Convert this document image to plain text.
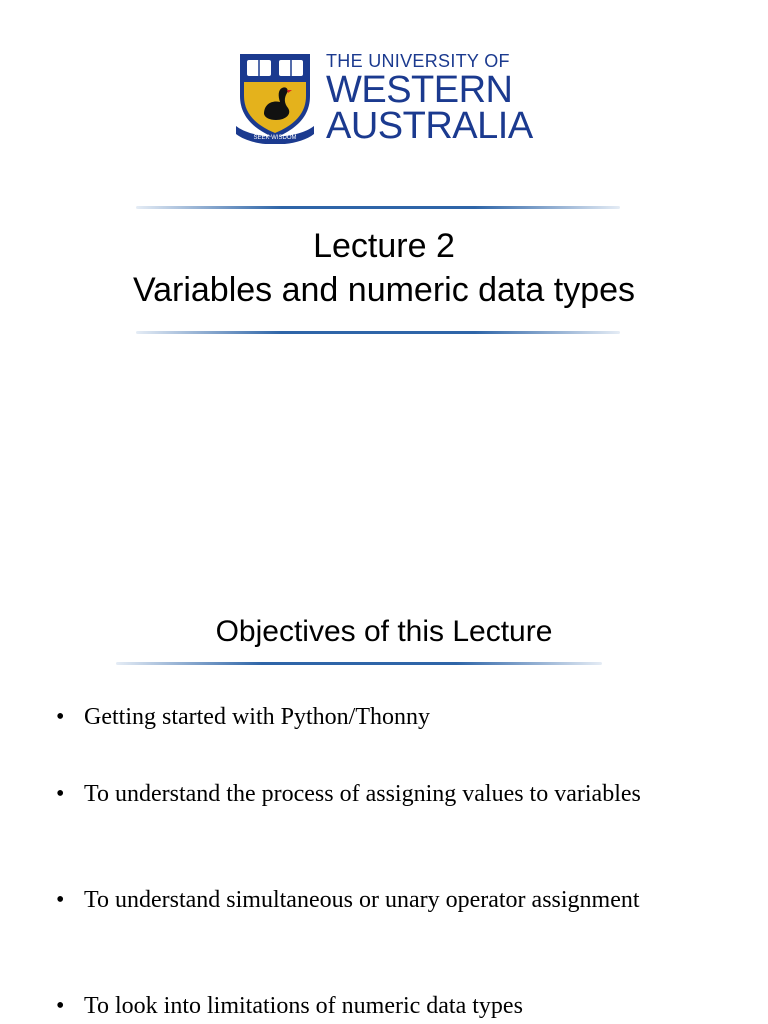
SEEK WISDOM
THE UNIVERSITY OF
WESTERN
AUSTRALIA
Lecture 2
Variables and numeric data types
Objectives of this Lecture
• Getting started with Python/Thonny
• To understand the process of assigning values to variables
• To understand simultaneous or unary operator assignment
• To look into limitations of numeric data types
